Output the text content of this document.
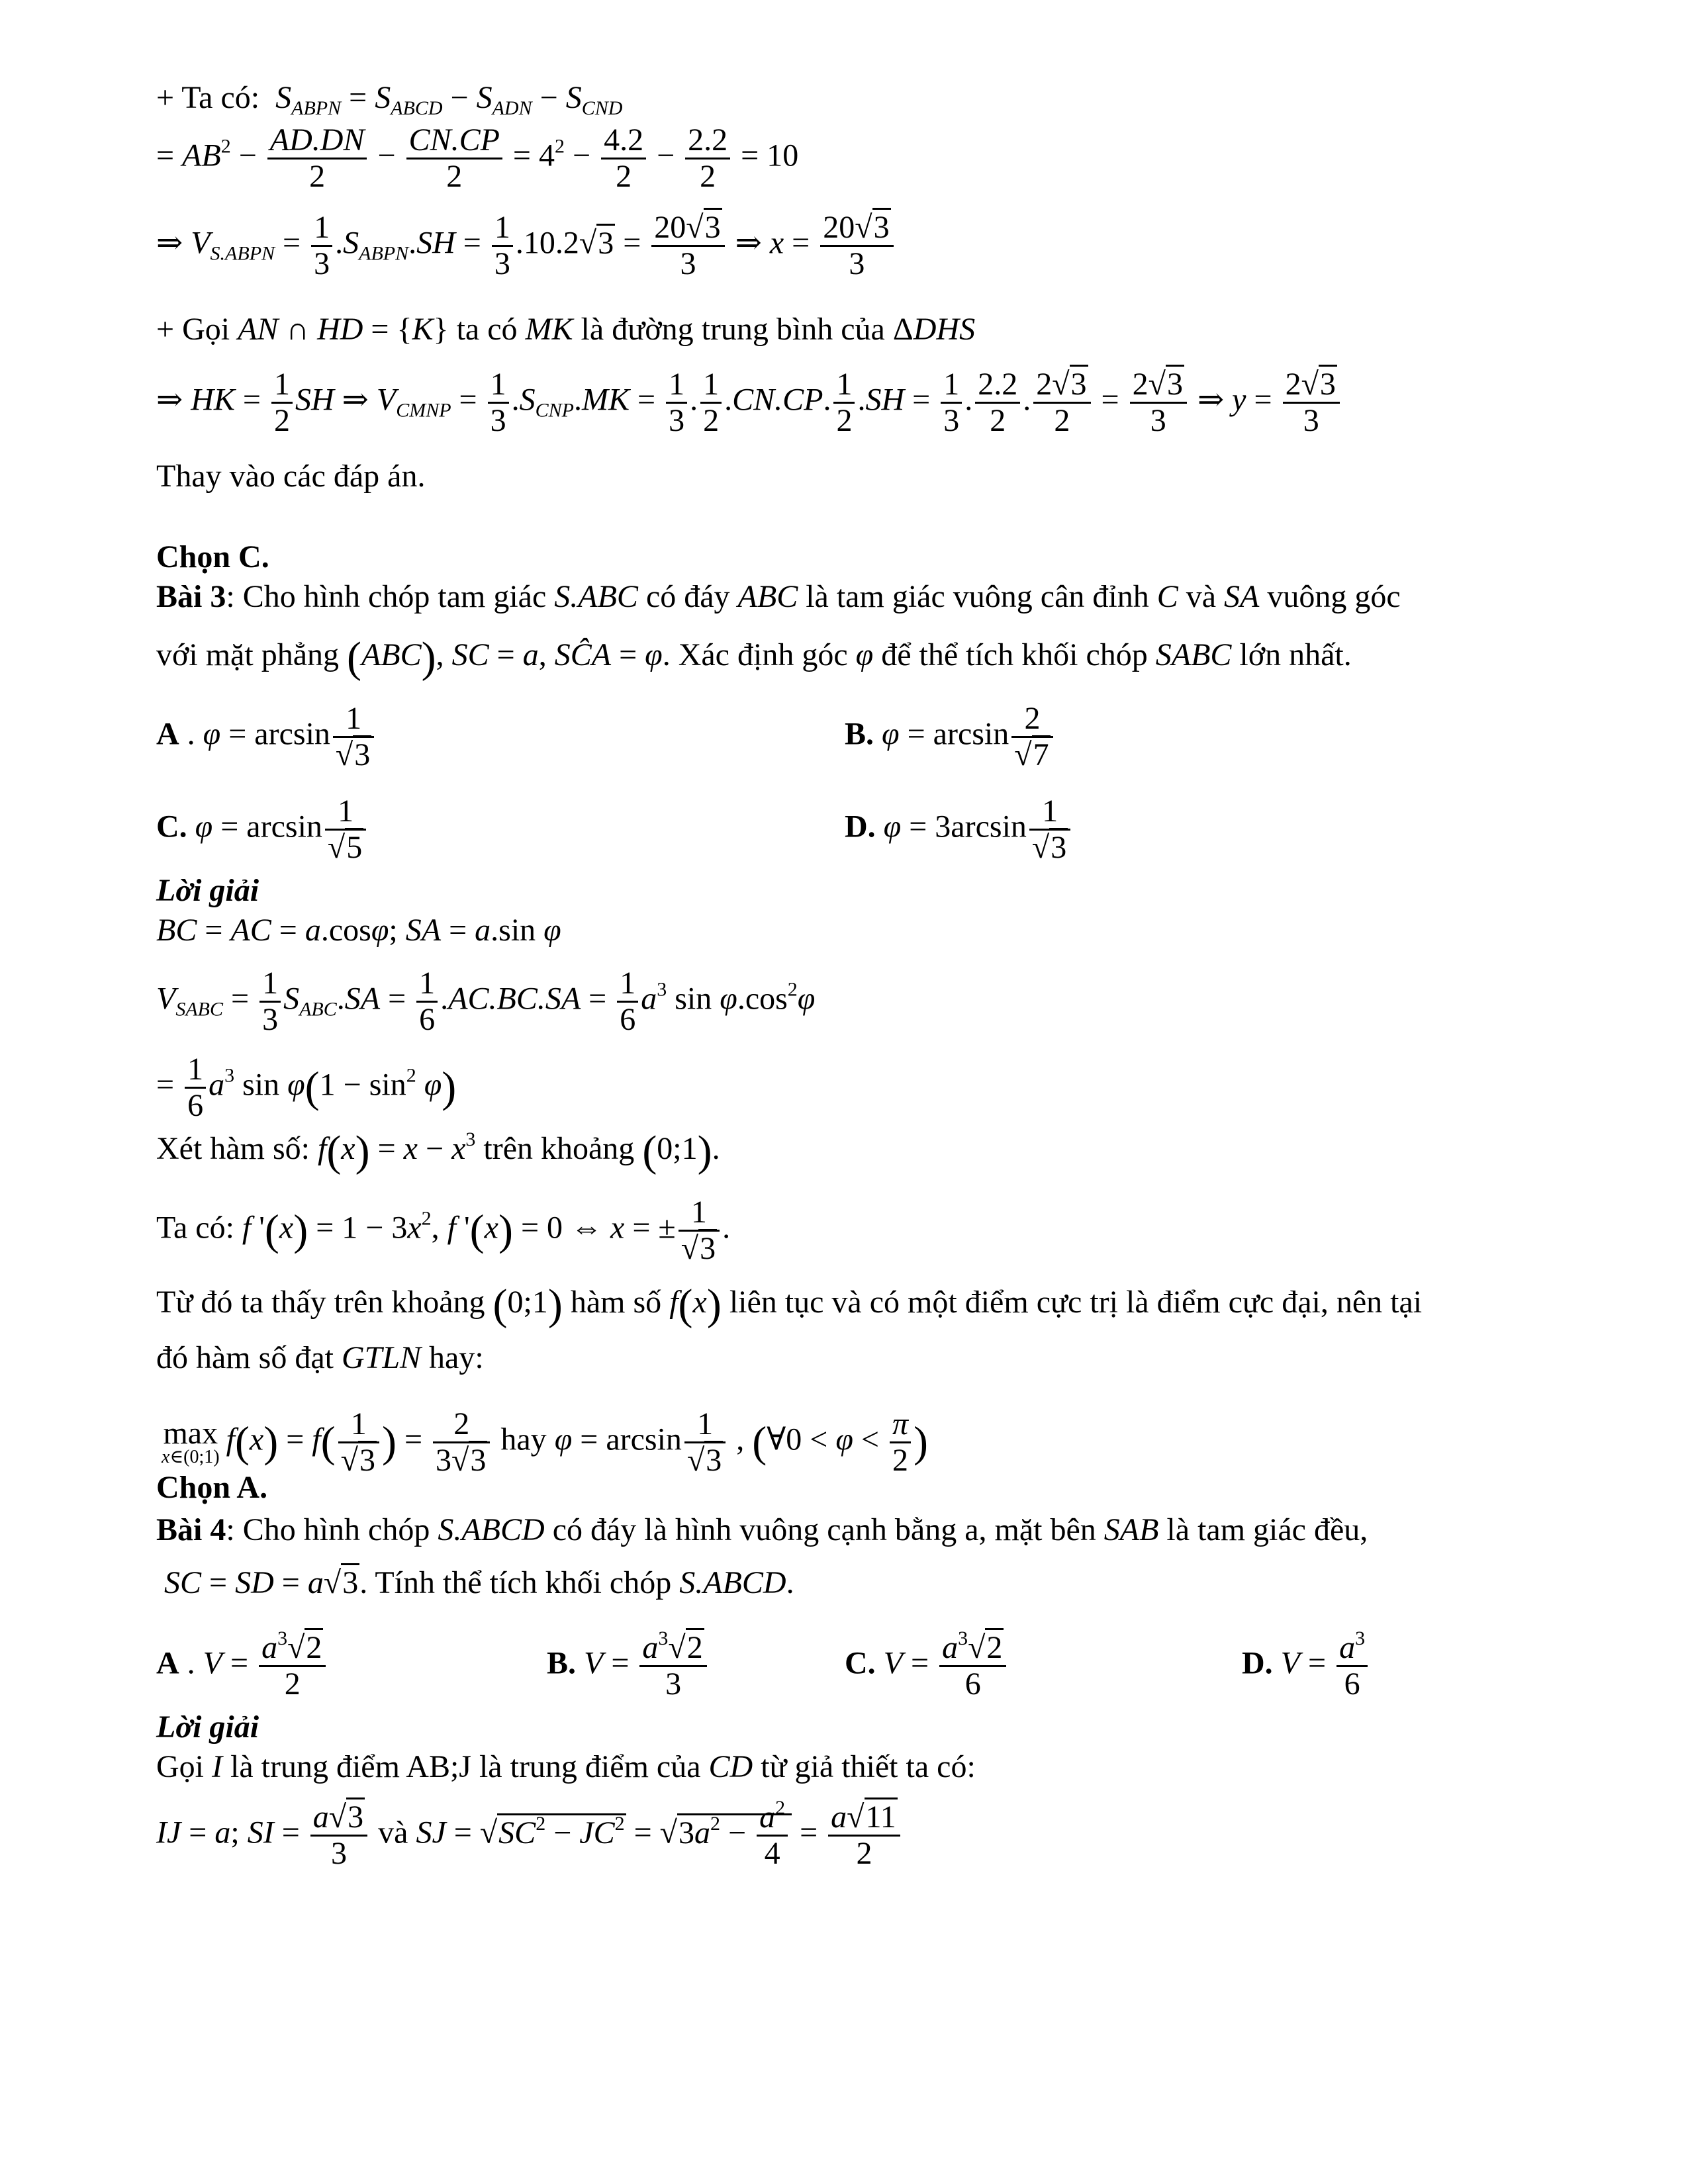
+ Ta có: $S_{ABPN} = S_{ABCD} - S_{ADN} - S_{CND}$
= $AB^2 - \frac{AD.DN}{2} - \frac{CN.CP}{2} = 4^2 - \frac{4.2}{2} - \frac{2.2}{2} = 10$
⇒ $V_{S.ABPN} = \frac{1}{3} .S_{ABPN}.SH = \frac{1}{3} .10.2√3 = \frac{20√3}{3}$ ⇒ $x = \frac{20√3}{3}$
+ Gọi AN ∩ HD = {K} ta có MK là đường trung bình của ΔDHS
⇒ HK = $\frac{1}{2}$ SH ⇒ $V_{CMNP} = \frac{1}{3} .S_{CNP}.MK = \frac{1}{3}$ . $\frac{1}{2} .CN.CP$. $\frac{1}{2} .SH = \frac{1}{3}$ . $\frac{2.2}{2}$ . $\frac{2√3}{2} = \frac{2√3}{3}$ ⇒ $y = \frac{2√3}{3}$
Thay vào các đáp án.
Chọn C.
Bài 3: Cho hình chóp tam giác S.ABC có đáy ABC là tam giác vuông cân đỉnh C và SA vuông góc
với mặt phẳng (ABC), SC = a, SĈA = φ. Xác định góc φ để thể tích khối chóp SABC lớn nhất.
A . $\varphi = \arcsin \frac{1}{√3}$	B. $\varphi = \arcsin \frac{2}{√7}$
C. $\varphi = \arcsin \frac{1}{√5}$	D. $\varphi = 3\arcsin \frac{1}{√3}$
Lời giải
BC = AC = a.cosφ; SA = a.sin φ
$V_{SABC} = \frac{1}{3} S_{ABC}.SA = \frac{1}{6} .AC.BC.SA = \frac{1}{6} a^3$ $\sin \varphi.\cos^2\varphi$
= $\frac{1}{6} a^3$ $\sin \varphi(1 - \sin^2 \varphi)$
Xét hàm số: $f(x) = x - x^3$ trên khoảng (0;1).
Ta có: f '$(x) = 1 - 3x^2$, f '(x) = 0 ⇔ x = ± $\frac{1}{√3}$ .
Từ đó ta thấy trên khoảng (0;1) hàm số f(x) liên tục và có một điểm cực trị là điểm cực đại, nên tại
đó hàm số đạt GTLN hay:
max
x∈(0;1) $f(x) = f( \frac{1}{√3}$ ) = $\frac{2}{3√3}$ hay $\varphi = \arcsin \frac{1}{√3}$ , (∀0 < $\varphi < \frac{\pi}{2}$ )
Chọn A.
Bài 4: Cho hình chóp S.ABCD có đáy là hình vuông cạnh bằng a, mặt bên SAB là tam giác đều,
SC = SD = a√3. Tính thể tích khối chóp S.ABCD.
A . $V = \frac{a^3√2}{2}$	B. $V = \frac{a^3√2}{3}$	C. $V = \frac{a^3√2}{6}$	D. $V = \frac{a^3}{6}$
Lời giải
Gọi I là trung điểm AB;J là trung điểm của CD từ giả thiết ta có:
IJ = a; SI = $\frac{a√3}{3}$ và SJ = $√SC^2 - JC^2 = √3a^2 - \frac{a^2}{4} = \frac{a√11}{2}$
